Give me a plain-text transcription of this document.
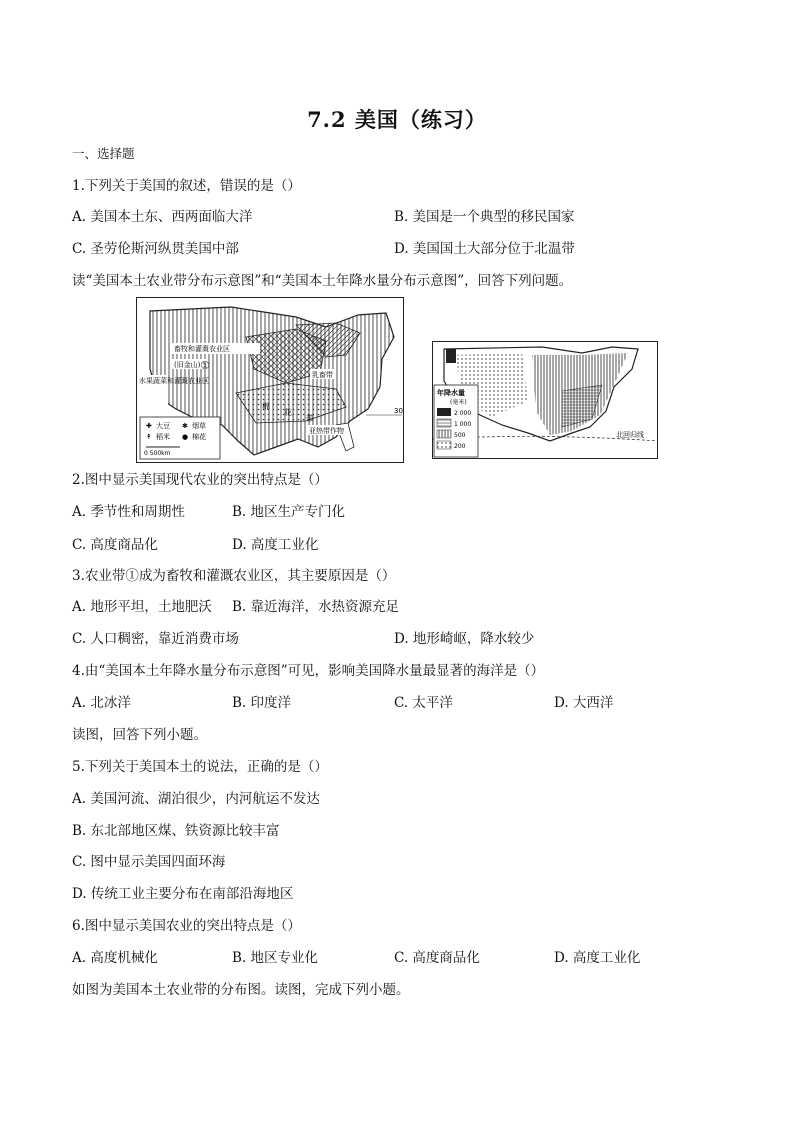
7.2 美国（练习）
一、选择题
1.下列关于美国的叙述，错误的是（）
A. 美国本土东、西两面临大洋	B. 美国是一个典型的移民国家
C. 圣劳伦斯河纵贯美国中部	D. 美国国土大部分位于北温带
读“美国本土农业带分布示意图”和“美国本土年降水量分布示意图”，回答下列问题。
30
畜牧和灌溉农业区
(旧金山) ①
水果蔬菜和灌溉农业区
乳畜带
棉
花
带
亚热带作物
✚ 大豆 ✱ 烟草
↟ 稻米 ● 棉花
0 500km
北回归线
年降水量
(毫米)
2 000
1 000
500
200
2.图中显示美国现代农业的突出特点是（）
A. 季节性和周期性	B. 地区生产专门化
C. 高度商品化	D. 高度工业化
3.农业带①成为畜牧和灌溉农业区，其主要原因是（）
A. 地形平坦，土地肥沃 B. 靠近海洋，水热资源充足
C. 人口稠密，靠近消费市场	D. 地形崎岖，降水较少
4.由“美国本土年降水量分布示意图”可见，影响美国降水量最显著的海洋是（）
A. 北冰洋	B. 印度洋	C. 太平洋	D. 大西洋
读图，回答下列小题。
5.下列关于美国本土的说法，正确的是（）
A. 美国河流、湖泊很少，内河航运不发达
B. 东北部地区煤、铁资源比较丰富
C. 图中显示美国四面环海
D. 传统工业主要分布在南部沿海地区
6.图中显示美国农业的突出特点是（）
A. 高度机械化	B. 地区专业化	C. 高度商品化	D. 高度工业化
如图为美国本土农业带的分布图。读图，完成下列小题。
